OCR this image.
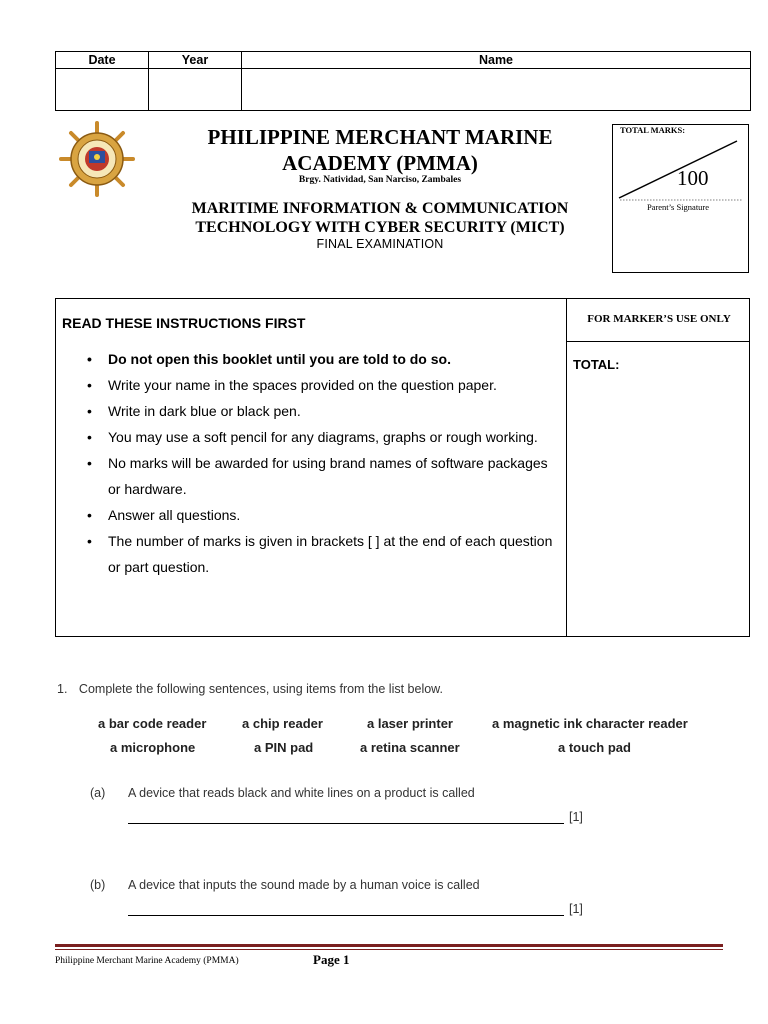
Date	Year	Name
PHILIPPINE MERCHANT MARINE
ACADEMY (PMMA)
Brgy. Natividad, San Narciso, Zambales
MARITIME INFORMATION & COMMUNICATION
TECHNOLOGY WITH CYBER SECURITY (MICT)
FINAL EXAMINATION
TOTAL MARKS:
100
Parent’s Signature
READ THESE INSTRUCTIONS FIRST	FOR MARKER’S USE ONLY
TOTAL:
• Do not open this booklet until you are told to do so.
• Write your name in the spaces provided on the question paper.
• Write in dark blue or black pen.
• You may use a soft pencil for any diagrams, graphs or rough working.
• No marks will be awarded for using brand names of software packages or hardware.
• Answer all questions.
• The number of marks is given in brackets [ ] at the end of each question or part question.
1. Complete the following sentences, using items from the list below.
a bar code reader	a chip reader	a laser printer	a magnetic ink character reader
a microphone	a PIN pad	a retina scanner	a touch pad
(a) A device that reads black and white lines on a product is called
[1]
(b) A device that inputs the sound made by a human voice is called
[1]
Philippine Merchant Marine Academy (PMMA)	Page 1
